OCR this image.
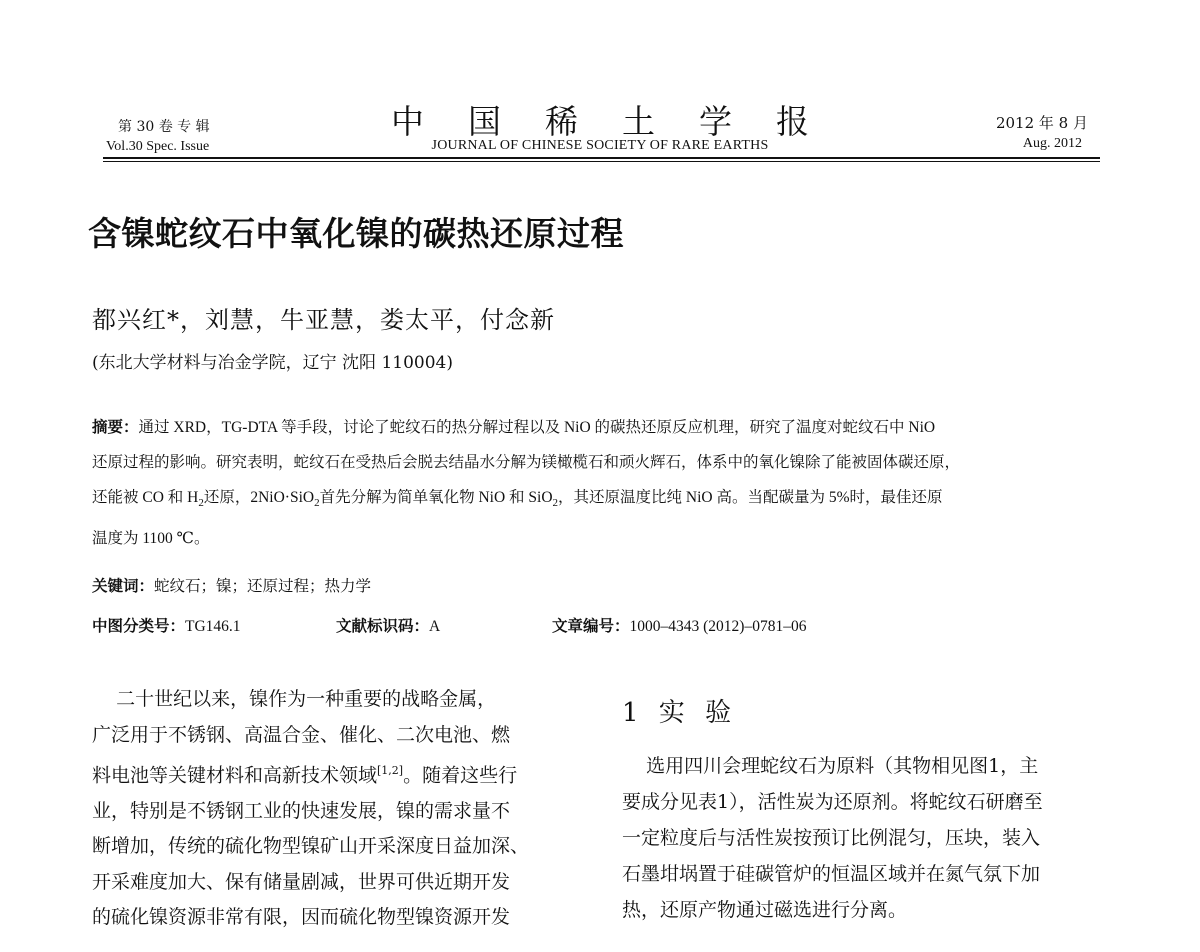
第 30 卷 专 辑
Vol.30 Spec. Issue
中国稀土学报
JOURNAL OF CHINESE SOCIETY OF RARE EARTHS
2012 年 8 月
Aug. 2012
含镍蛇纹石中氧化镍的碳热还原过程
都兴红*，刘慧，牛亚慧，娄太平，付念新
(东北大学材料与冶金学院，辽宁 沈阳 110004)
摘要：通过 XRD，TG-DTA 等手段，讨论了蛇纹石的热分解过程以及 NiO 的碳热还原反应机理，研究了温度对蛇纹石中 NiO
还原过程的影响。研究表明，蛇纹石在受热后会脱去结晶水分解为镁橄榄石和顽火辉石，体系中的氧化镍除了能被固体碳还原，
还能被 CO 和 $H_2$还原，2NiO·SiO$_2$首先分解为简单氧化物 NiO 和 SiO$_2$，其还原温度比纯 NiO 高。当配碳量为 5%时，最佳还原
温度为 1100 ℃。
关键词：蛇纹石；镍；还原过程；热力学
中图分类号：TG146.1	文献标识码：A	文章编号：1000–4343 (2012)–0781–06
二十世纪以来，镍作为一种重要的战略金属，
广泛用于不锈钢、高温合金、催化、二次电池、燃
料电池等关键材料和高新技术领域[1,2]。随着这些行
业，特别是不锈钢工业的快速发展，镍的需求量不
断增加，传统的硫化物型镍矿山开采深度日益加深、
开采难度加大、保有储量剧减，世界可供近期开发
的硫化镍资源非常有限，因而硫化物型镍资源开发
1 实 验
选用四川会理蛇纹石为原料（其物相见图1，主
要成分见表1），活性炭为还原剂。将蛇纹石研磨至
一定粒度后与活性炭按预订比例混匀，压块，装入
石墨坩埚置于硅碳管炉的恒温区域并在氮气氛下加
热，还原产物通过磁选进行分离。
